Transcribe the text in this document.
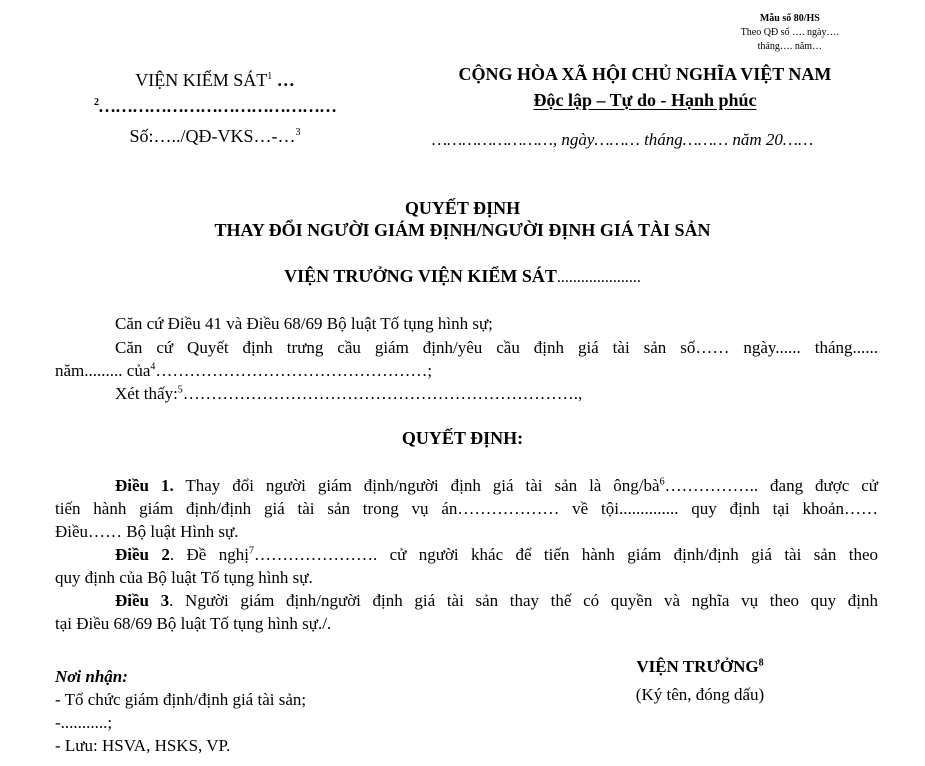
Mẫu số 80/HS
Theo QĐ số …. ngày….
tháng…. năm…
VIỆN KIỂM SÁT$^1$ …
$^2$……………………………………
Số:…../QĐ-VKS…-…$^3$
CỘNG HÒA XÃ HỘI CHỦ NGHĨA VIỆT NAM
Độc lập – Tự do - Hạnh phúc
……………………, ngày……… tháng……… năm 20……
QUYẾT ĐỊNH
THAY ĐỔI NGƯỜI GIÁM ĐỊNH/NGƯỜI ĐỊNH GIÁ TÀI SẢN
VIỆN TRƯỞNG VIỆN KIỂM SÁT.....................
Căn cứ Điều 41 và Điều 68/69 Bộ luật Tố tụng hình sự;
Căn cứ Quyết định trưng cầu giám định/yêu cầu định giá tài sản số…… ngày...... tháng......
năm......... của$^4$…………………………………………;
Xét thấy:$^5$…………………………………………………………….,
QUYẾT ĐỊNH:
Điều 1. Thay đổi người giám định/người định giá tài sản là ông/$bà^6\dots\dots\dots\dots\dots$.. đang được cử
tiến hành giám định/định giá tài sản trong vụ án……………… về tội.............. quy định tại khoản……
Điều…… Bộ luật Hình sự.
Điều 2. Đề nghị$^7$…………………. cử người khác để tiến hành giám định/định giá tài sản theo
quy định của Bộ luật Tố tụng hình sự.
Điều 3. Người giám định/người định giá tài sản thay thế có quyền và nghĩa vụ theo quy định
tại Điều 68/69 Bộ luật Tố tụng hình sự./.
Nơi nhận:
- Tổ chức giám định/định giá tài sản;
-...........;
- Lưu: HSVA, HSKS, VP.
VIỆN TRƯỞNG$^8$
(Ký tên, đóng dấu)
